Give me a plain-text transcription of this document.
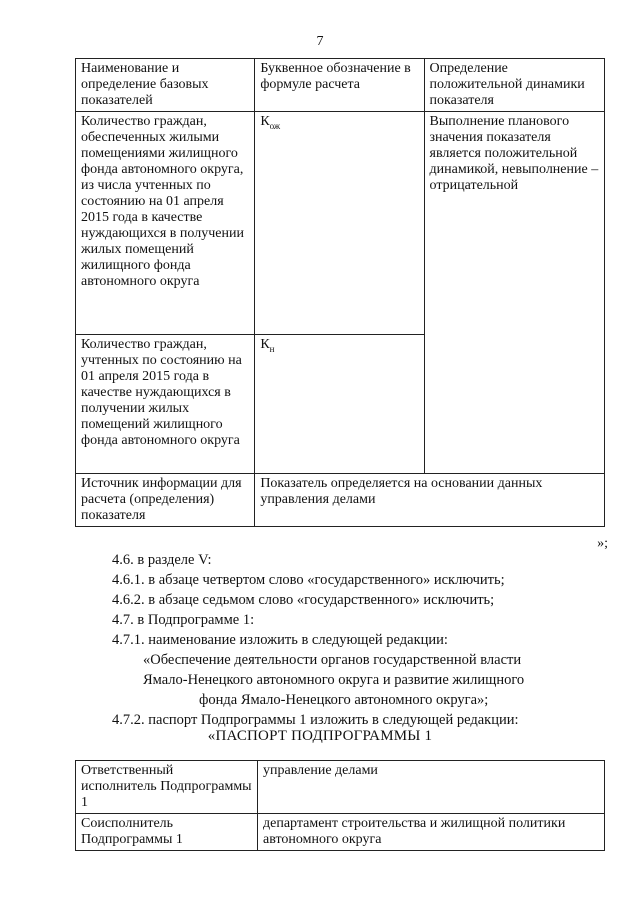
7
Наименование и определение базовых показателей	Буквенное обозначение в формуле расчета	Определение положительной динамики показателя
Количество граждан, обеспеченных жилыми помещениями жилищного фонда автономного округа, из числа учтенных по состоянию на 01 апреля 2015 года в качестве нуждающихся в получении жилых помещений жилищного фонда автономного округа	$К_{ож}$	Выполнение планового значения показателя является положительной динамикой, невыполнение – отрицательной
Количество граждан, учтенных по состоянию на 01 апреля 2015 года в качестве нуждающихся в получении жилых помещений жилищного фонда автономного округа	$К_н$
Источник информации для расчета (определения) показателя	Показатель определяется на основании данных управления делами	
»;
4.6. в разделе V:
4.6.1. в абзаце четвертом слово «государственного» исключить;
4.6.2. в абзаце седьмом слово «государственного» исключить;
4.7. в Подпрограмме 1:
4.7.1. наименование изложить в следующей редакции:
«Обеспечение деятельности органов государственной власти
Ямало-Ненецкого автономного округа и развитие жилищного
фонда Ямало-Ненецкого автономного округа»;
4.7.2. паспорт Подпрограммы 1 изложить в следующей редакции:
«ПАСПОРТ ПОДПРОГРАММЫ 1
Ответственный исполнитель Подпрограммы 1	управление делами
Соисполнитель Подпрограммы 1	департамент строительства и жилищной политики автономного округа
